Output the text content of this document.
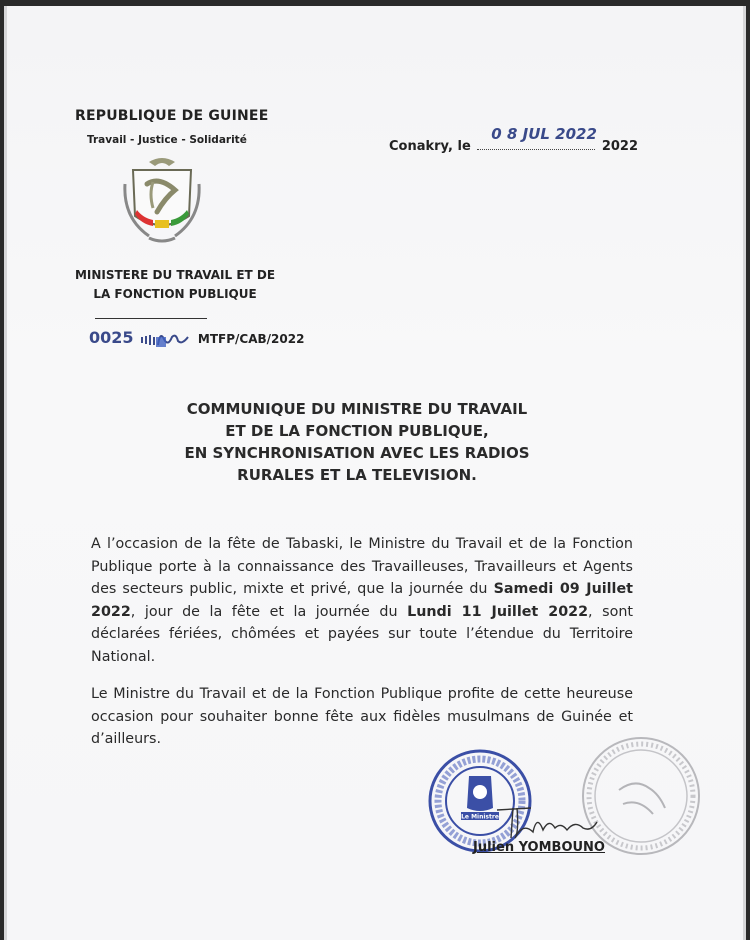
REPUBLIQUE DE GUINEE
Travail - Justice - Solidarité	Conakry, le
0 8 JUL 2022
2022
MINISTERE DU TRAVAIL ET DE
LA FONCTION PUBLIQUE
0025	MTFP/CAB/2022
COMMUNIQUE DU MINISTRE DU TRAVAIL
ET DE LA FONCTION PUBLIQUE,
EN SYNCHRONISATION AVEC LES RADIOS
RURALES ET LA TELEVISION.
A l’occasion de la fête de Tabaski, le Ministre du Travail et de la Fonction Publique porte à la connaissance des Travailleuses, Travailleurs et Agents des secteurs public, mixte et privé, que la journée du Samedi 09 Juillet 2022, jour de la fête et la journée du Lundi 11 Juillet 2022, sont déclarées fériées, chômées et payées sur toute l’étendue du Territoire National.
Le Ministre du Travail et de la Fonction Publique profite de cette heureuse occasion pour souhaiter bonne fête aux fidèles musulmans de Guinée et d’ailleurs.
Le Ministre
Julien YOMBOUNO
